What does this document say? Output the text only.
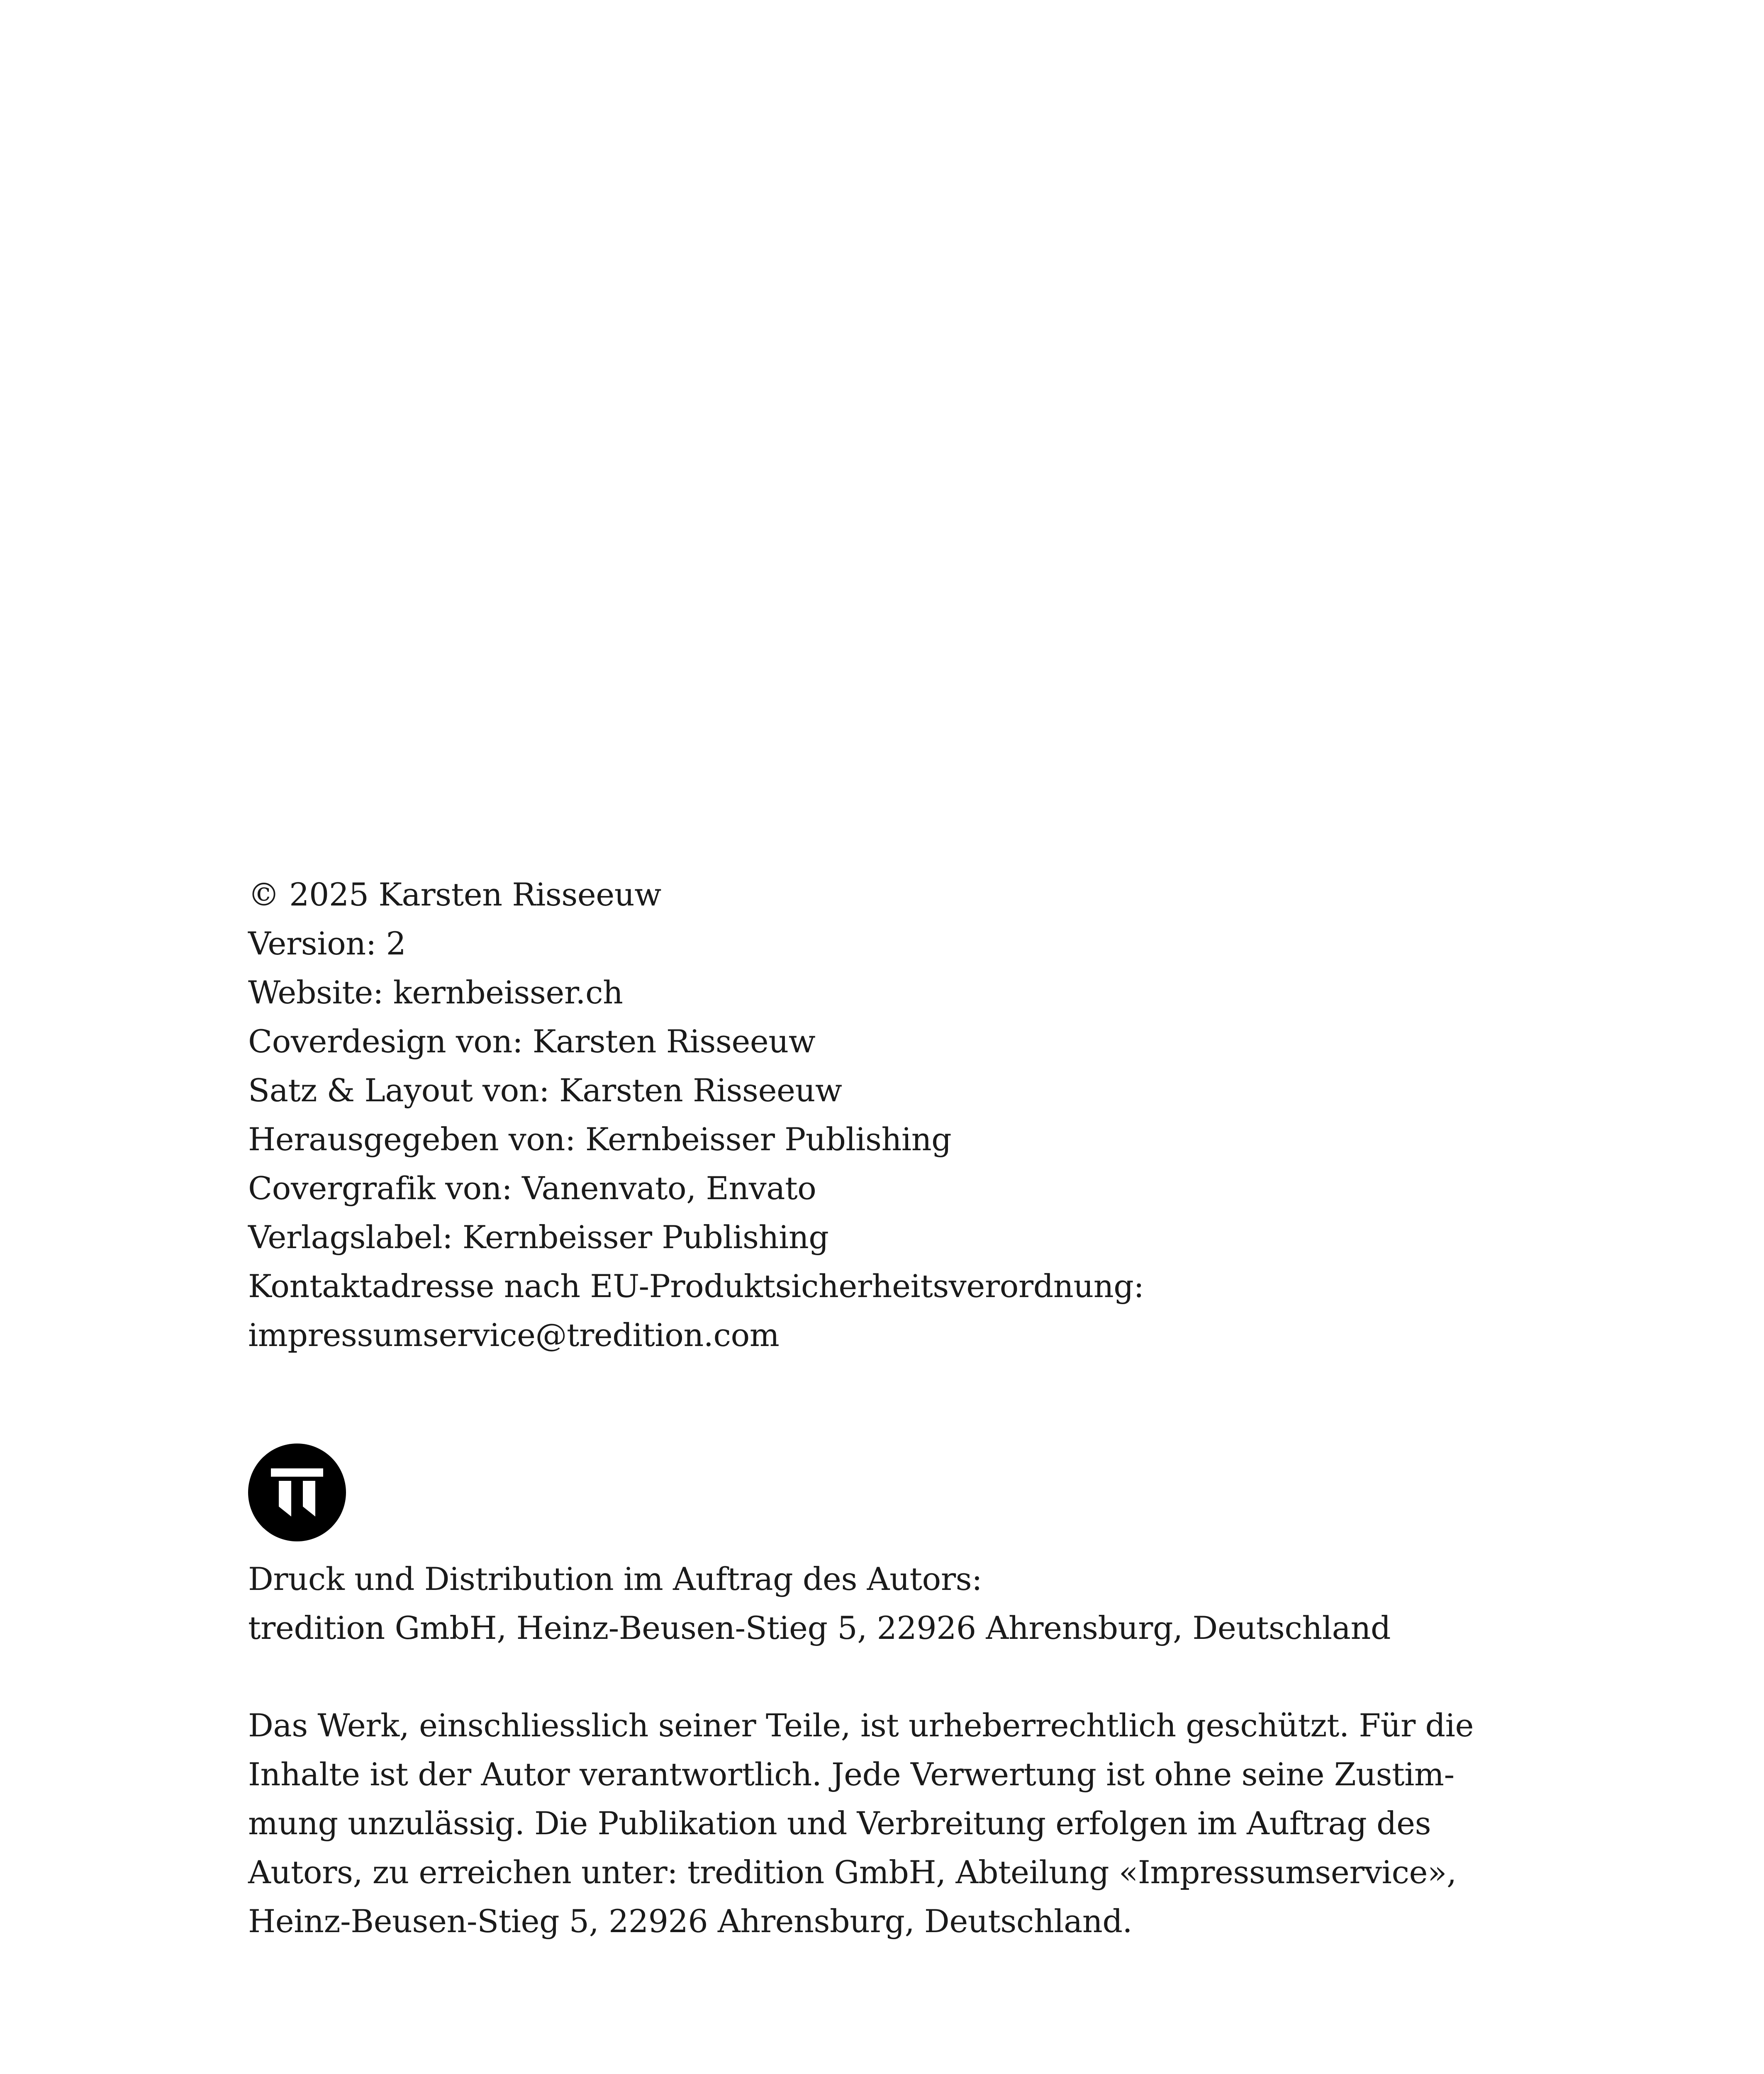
© 2025 Karsten Risseeuw
Version: 2
Website: kernbeisser.ch
Coverdesign von: Karsten Risseeuw
Satz & Layout von: Karsten Risseeuw
Herausgegeben von: Kernbeisser Publishing
Covergrafik von: Vanenvato, Envato
Verlagslabel: Kernbeisser Publishing
Kontaktadresse nach EU-Produktsicherheitsverordnung:
impressumservice@tredition.com
Druck und Distribution im Auftrag des Autors:
tredition GmbH, Heinz-Beusen-Stieg 5, 22926 Ahrensburg, Deutschland
Das Werk, einschliesslich seiner Teile, ist urheberrechtlich geschützt. Für die
Inhalte ist der Autor verantwortlich. Jede Verwertung ist ohne seine Zustim-
mung unzulässig. Die Publikation und Verbreitung erfolgen im Auftrag des
Autors, zu erreichen unter: tredition GmbH, Abteilung «Impressumservice»,
Heinz-Beusen-Stieg 5, 22926 Ahrensburg, Deutschland.
